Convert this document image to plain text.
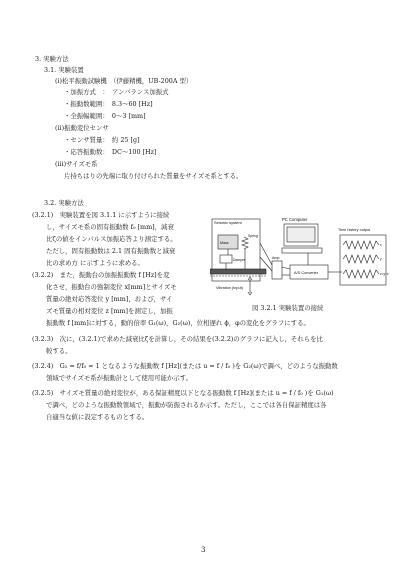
3. 実験方法
3.1. 実験装置
(i)松平振動試験機　（伊藤精機，UB-200A 型）
・加振方式　：　アンバランス加振式
・振動数範囲：　8.3〜60 [Hz]
・全振幅範囲：　0〜3 [mm]
(ii)振動変位センサ
・センサ質量：　約 25 [g]
・応答振動数：　DC〜100 [Hz]
(iii)サイズモ系
片持ちはりの先端に取り付けられた質量をサイズモ系とする。
3.2. 実験方法
(3.2.1)　実験装置を図 3.1.1 に示すように接続
し，サイズモ系の固有振動数 f₀ [mm]，減衰
比ζの値をインパルス加振応答より測定する。
ただし，固有振動数は 2.1 固有振動数と減衰
比の求め方 に示すように求める。
(3.2.2)　また，振動台の加振振動数 f [Hz]を変
化させ，振動台の強制変位 x[mm]とサイズモ
質量の絶対応答変位 y [mm]，および，サイ
ズモ質量の相対変位 z [mm]を測定し，加振
振動数 f [mm]に対する，動的倍率 G₁(ω)，G₂(ω)，位相遅れ ϕ，φの変化をグラフにする。
(3.2.3)　次に，(3.2.1)で求めた減衰比ζを計算し，その結果を(3.2.2)のグラフに記入し，それらを比
較する。
(3.2.4)　G₂ = f/f₀ ≈ 1 となるような振動数 f [Hz](または u = f / f₀ )を G₂(ω)で調べ，どのような振動数
領域でサイズモ系が振動計として使用可能か示す。
(3.2.5)　サイズモ質量の絶対変位が，ある保証精度以下となる振動数 f [Hz](または u = f / f₀ )を G₁(ω)
で調べ，どのような振動数領域で，振動が防振されるか示す。ただし，ここでは各自保証精度は各
自適当な値に設定するものとする。
Seismic system
Mass
Spring
Damper
Vibration (Input)
PC Computer
Amp.
A/D Converter
Time history output
x
y
z=y−x
図 3.2.1 実験装置の接続
3
